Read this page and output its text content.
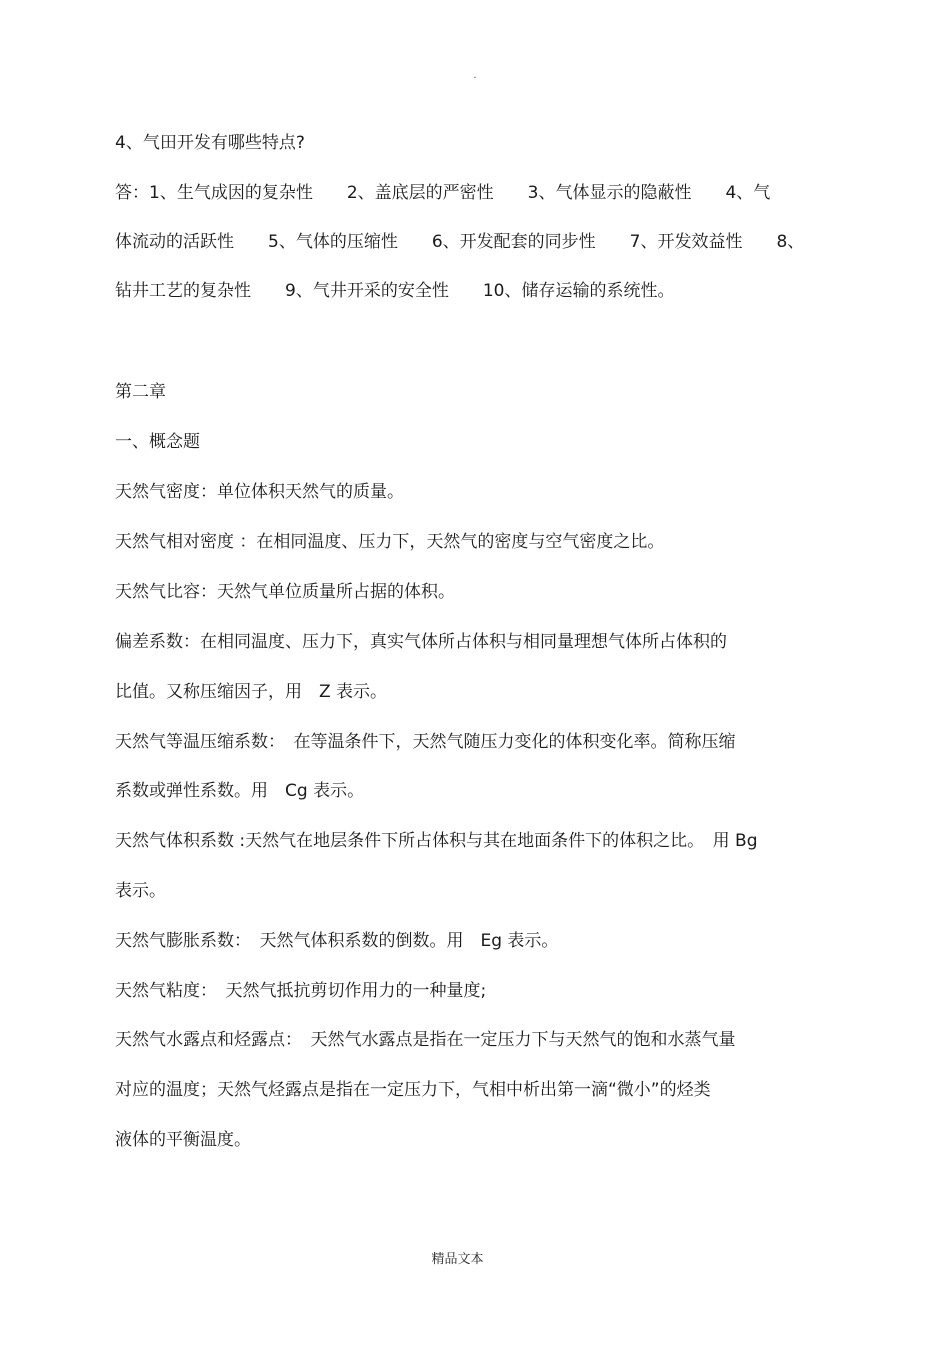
.
4、气田开发有哪些特点?
答：1、生气成因的复杂性　　2、盖底层的严密性　　3、气体显示的隐蔽性　　4、气
体流动的活跃性　　5、气体的压缩性　　6、开发配套的同步性　　7、开发效益性　　8、
钻井工艺的复杂性　　9、气井开采的安全性　　10、储存运输的系统性。
第二章
一、概念题
天然气密度：单位体积天然气的质量。
天然气相对密度 ：在相同温度、压力下，天然气的密度与空气密度之比。
天然气比容：天然气单位质量所占据的体积。
偏差系数：在相同温度、压力下，真实气体所占体积与相同量理想气体所占体积的
比值。又称压缩因子，用　Z 表示。
天然气等温压缩系数：　在等温条件下，天然气随压力变化的体积变化率。简称压缩
系数或弹性系数。用　Cg 表示。
天然气体积系数 :天然气在地层条件下所占体积与其在地面条件下的体积之比。　用 Bg
表示。
天然气膨胀系数：　天然气体积系数的倒数。用　Eg 表示。
天然气粘度：　天然气抵抗剪切作用力的一种量度;
天然气水露点和烃露点：　天然气水露点是指在一定压力下与天然气的饱和水蒸气量
对应的温度；天然气烃露点是指在一定压力下，气相中析出第一滴“微小”的烃类
液体的平衡温度。
精品文本
